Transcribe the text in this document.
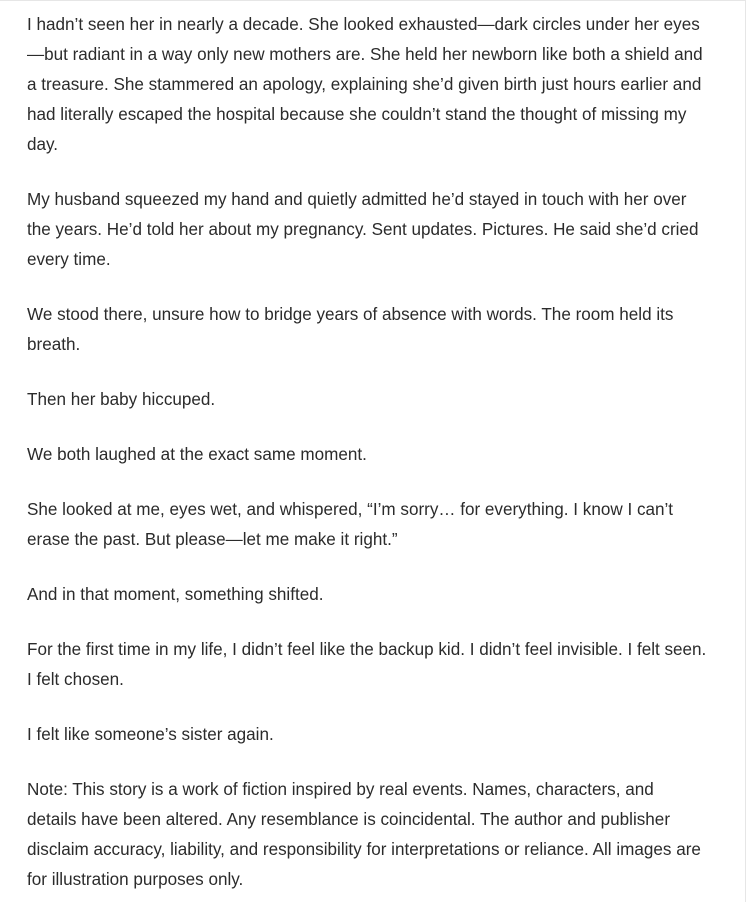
I hadn’t seen her in nearly a decade. She looked exhausted—dark circles under her eyes—but radiant in a way only new mothers are. She held her newborn like both a shield and a treasure. She stammered an apology, explaining she’d given birth just hours earlier and had literally escaped the hospital because she couldn’t stand the thought of missing my day.

My husband squeezed my hand and quietly admitted he’d stayed in touch with her over the years. He’d told her about my pregnancy. Sent updates. Pictures. He said she’d cried every time.

We stood there, unsure how to bridge years of absence with words. The room held its breath.

Then her baby hiccuped.

We both laughed at the exact same moment.

She looked at me, eyes wet, and whispered, “I’m sorry… for everything. I know I can’t erase the past. But please—let me make it right.”

And in that moment, something shifted.

For the first time in my life, I didn’t feel like the backup kid. I didn’t feel invisible. I felt seen. I felt chosen.

I felt like someone’s sister again.

Note: This story is a work of fiction inspired by real events. Names, characters, and details have been altered. Any resemblance is coincidental. The author and publisher disclaim accuracy, liability, and responsibility for interpretations or reliance. All images are for illustration purposes only.
